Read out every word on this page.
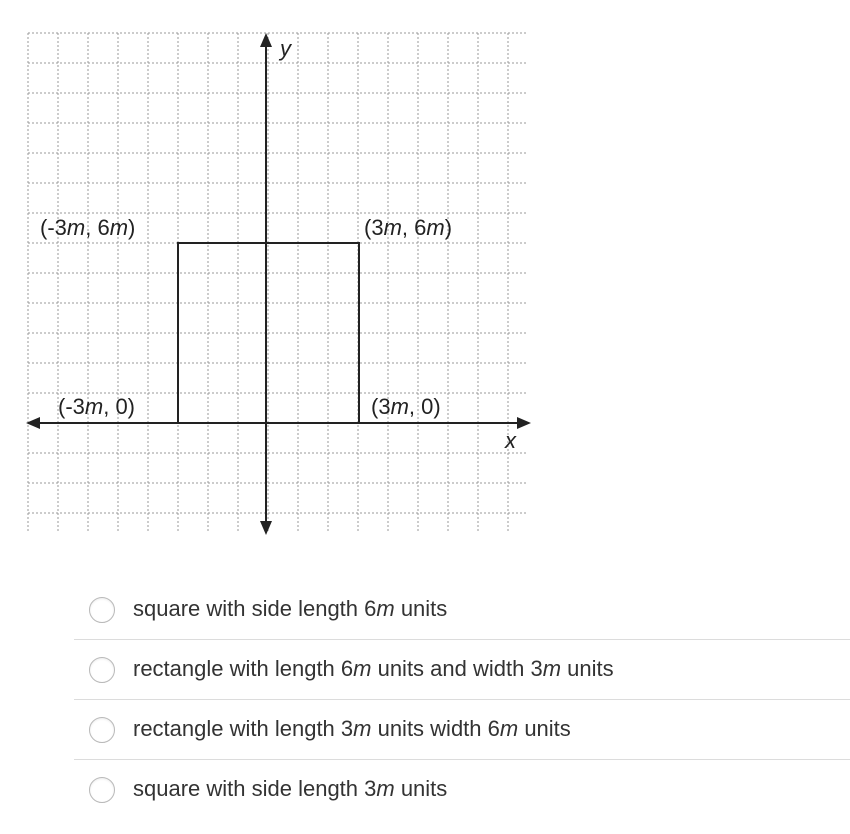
x
y
(-3m, 6m)	(3m, 6m)
(-3m, 0)	(3m, 0)
square with side length 6m units
rectangle with length 6m units and width 3m units
rectangle with length 3m units width 6m units
square with side length 3m units
